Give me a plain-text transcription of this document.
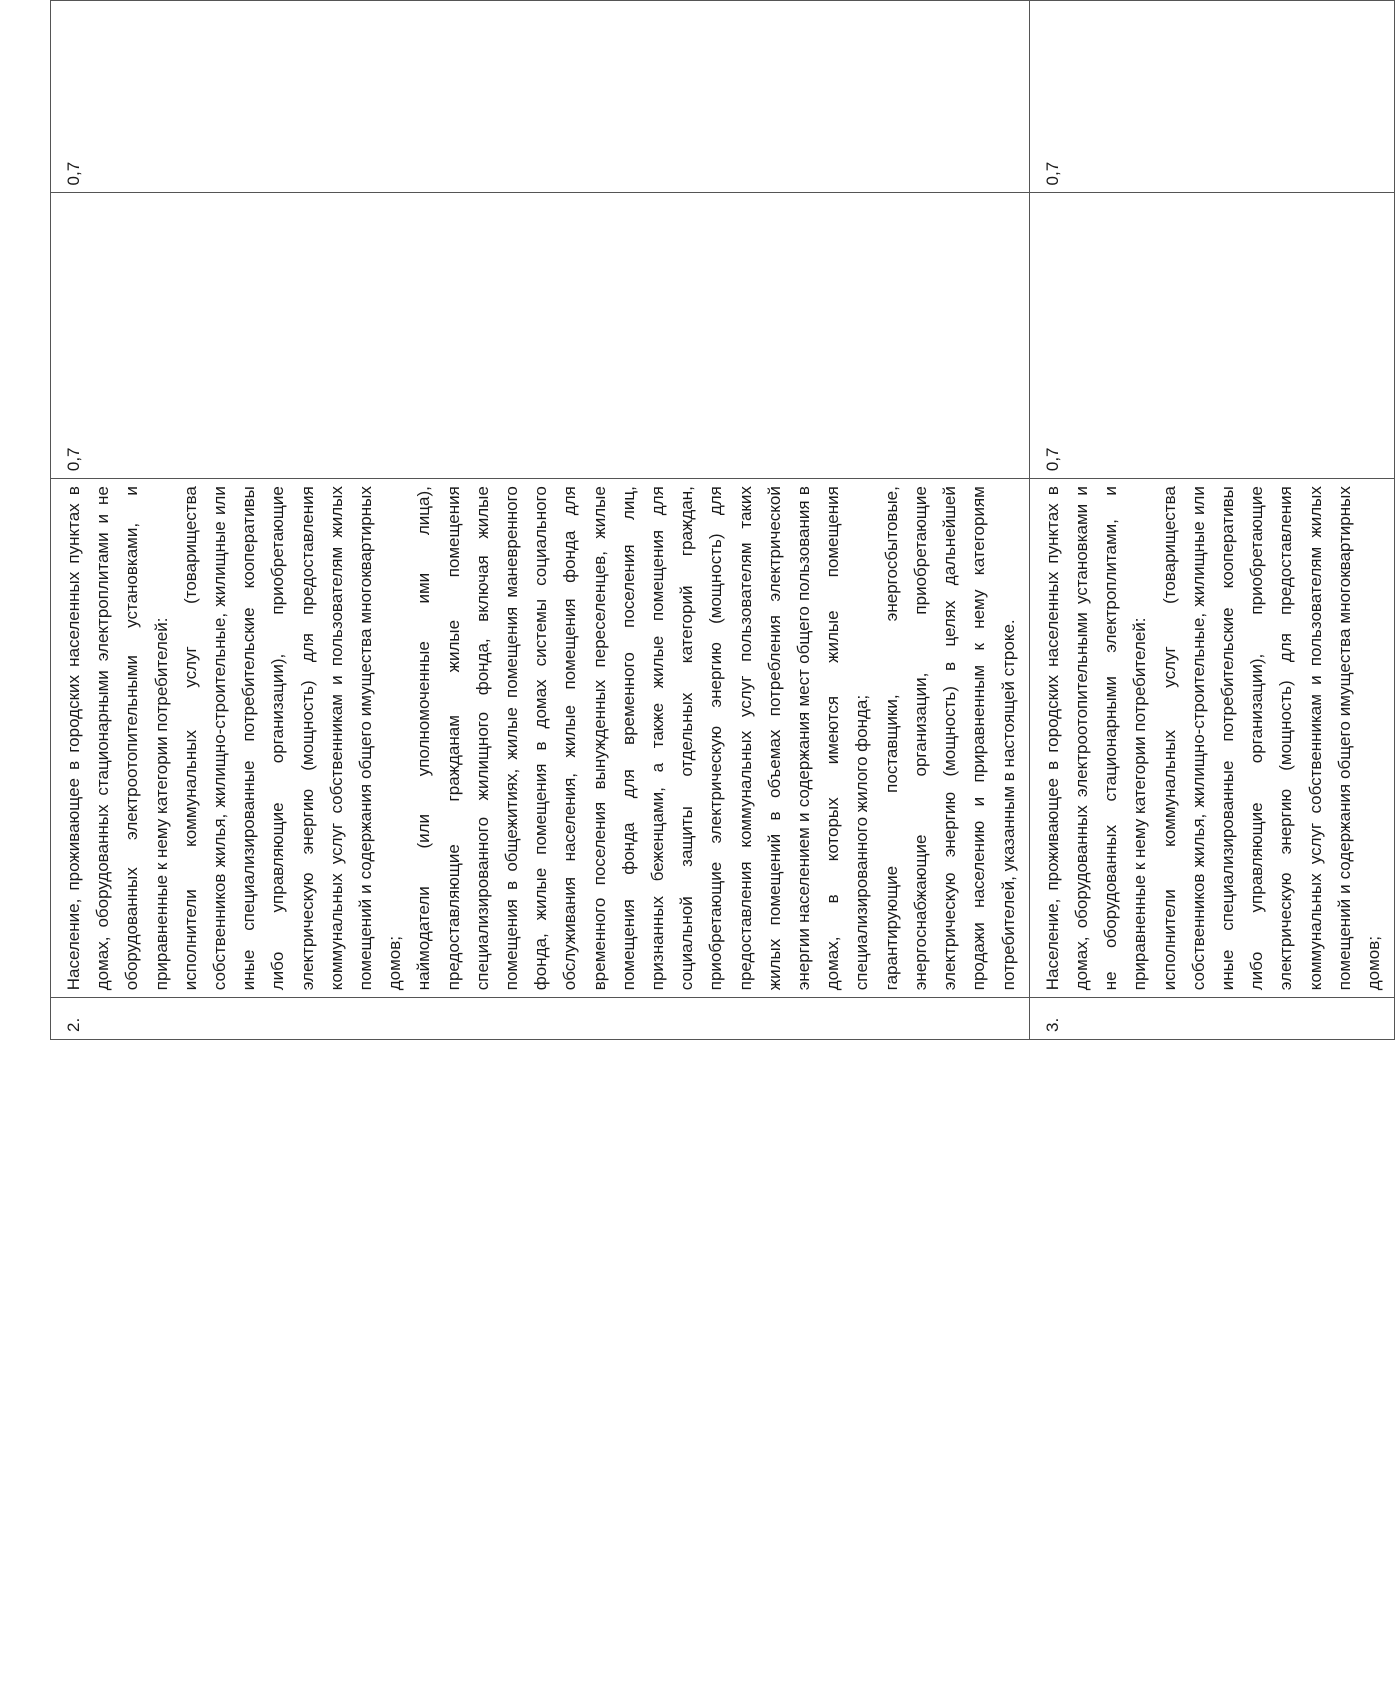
2.	Население, проживающее в городских населенных пунктах в домах, оборудованных стационарными электроплитами и не оборудованных электроотопительными установками, и приравненные к нему категории потребителей: исполнители коммунальных услуг (товарищества собственников жилья, жилищно-строительные, жилищные или иные специализированные потребительские кооперативы либо управляющие организации), приобретающие электрическую энергию (мощность) для предоставления коммунальных услуг собственникам и пользователям жилых помещений и содержания общего имущества многоквартирных домов; наймодатели (или уполномоченные ими лица), предоставляющие гражданам жилые помещения специализированного жилищного фонда, включая жилые помещения в общежитиях, жилые помещения маневренного фонда, жилые помещения в домах системы социального обслуживания населения, жилые помещения фонда для временного поселения вынужденных переселенцев, жилые помещения фонда для временного поселения лиц, признанных беженцами, а также жилые помещения для социальной защиты отдельных категорий граждан, приобретающие электрическую энергию (мощность) для предоставления коммунальных услуг пользователям таких жилых помещений в объемах потребления электрической энергии населением и содержания мест общего пользования в домах, в которых имеются жилые помещения специализированного жилого фонда; гарантирующие поставщики, энергосбытовые, энергоснабжающие организации, приобретающие электрическую энергию (мощность) в целях дальнейшей продажи населению и приравненным к нему категориям потребителей, указанным в настоящей строке.	0,7	0,7
3.	Население, проживающее в городских населенных пунктах в домах, оборудованных электроотопительными установками и не оборудованных стационарными электроплитами, и приравненные к нему категории потребителей: исполнители коммунальных услуг (товарищества собственников жилья, жилищно-строительные, жилищные или иные специализированные потребительские кооперативы либо управляющие организации), приобретающие электрическую энергию (мощность) для предоставления коммунальных услуг собственникам и пользователям жилых помещений и содержания общего имущества многоквартирных домов;	0,7	0,7
